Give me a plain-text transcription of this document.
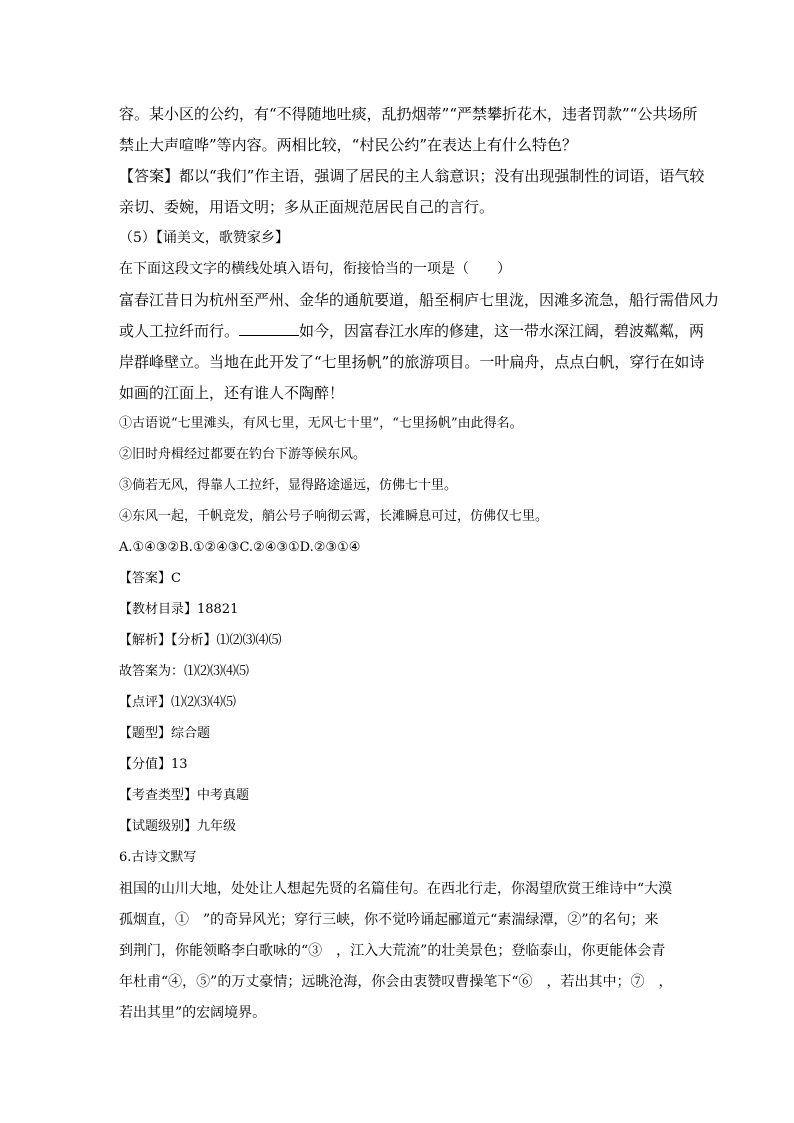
容。某小区的公约，有“不得随地吐痰，乱扔烟蒂”“严禁攀折花木，违者罚款”“公共场所
禁止大声喧哗”等内容。两相比较，“村民公约”在表达上有什么特色？
【答案】都以“我们”作主语，强调了居民的主人翁意识；没有出现强制性的词语，语气较
亲切、委婉，用语文明；多从正面规范居民自己的言行。
（5）【诵美文，歌赞家乡】
在下面这段文字的横线处填入语句，衔接恰当的一项是（　　）
富春江昔日为杭州至严州、金华的通航要道，船至桐庐七里泷，因滩多流急，船行需借风力
或人工拉纤而行。	如今，因富春江水库的修建，这一带水深江阔，碧波粼粼，两
岸群峰壁立。当地在此开发了“七里扬帆”的旅游项目。一叶扁舟，点点白帆，穿行在如诗
如画的江面上，还有谁人不陶醉！
①古语说“七里滩头，有风七里，无风七十里”，“七里扬帆”由此得名。
②旧时舟楫经过都要在钓台下游等候东风。
③倘若无风，得靠人工拉纤，显得路途遥远，仿佛七十里。
④东风一起，千帆竞发，艄公号子响彻云霄，长滩瞬息可过，仿佛仅七里。
A.①④③②B.①②④③C.②④③①D.②③①④
【答案】C
【教材目录】18821
【解析】【分析】⑴⑵⑶⑷⑸
故答案为：⑴⑵⑶⑷⑸
【点评】⑴⑵⑶⑷⑸
【题型】综合题
【分值】13
【考查类型】中考真题
【试题级别】九年级
6.古诗文默写
祖国的山川大地，处处让人想起先贤的名篇佳句。在西北行走，你渴望欣赏王维诗中“大漠
孤烟直，①　”的奇异风光；穿行三峡，你不觉吟诵起郦道元“素湍绿潭，②”的名句；来
到荆门，你能领略李白歌咏的“③　，江入大荒流”的壮美景色；登临泰山，你更能体会青
年杜甫“④，⑤”的万丈豪情；远眺沧海，你会由衷赞叹曹操笔下“⑥　，若出其中；⑦　，
若出其里”的宏阔境界。
